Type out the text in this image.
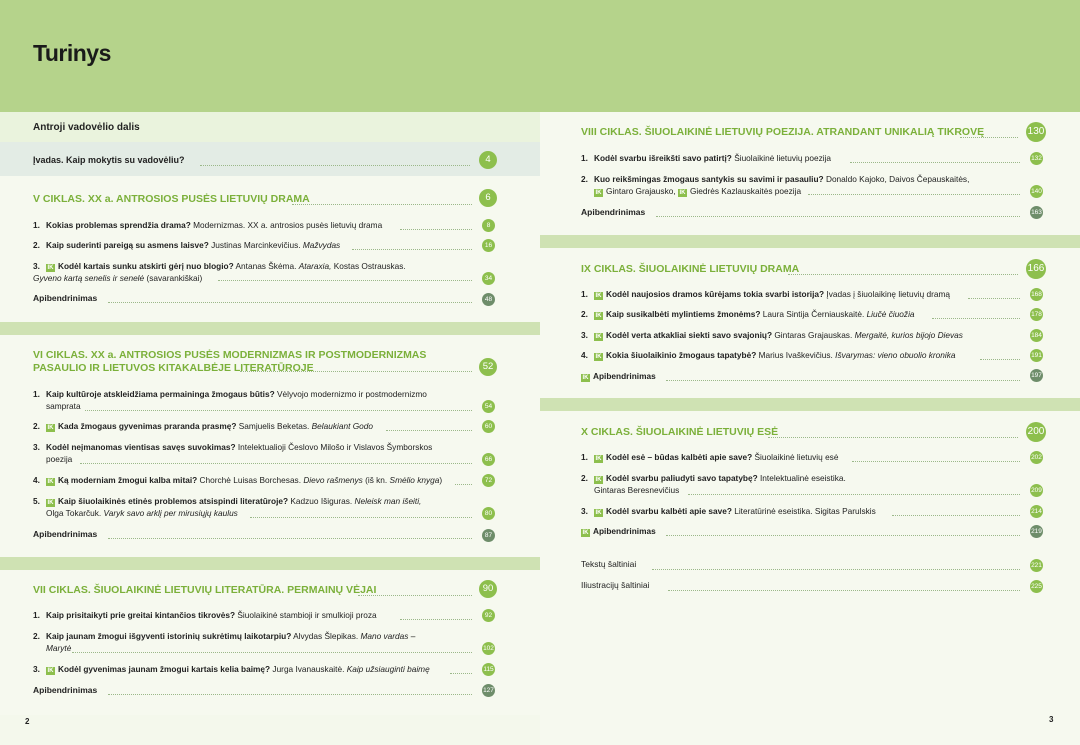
Turinys
Antroji vadovėlio dalis
Įvadas. Kaip mokytis su vadovėliu?	4
V CIKLAS. XX a. ANTROSIOS PUSĖS LIETUVIŲ DRAMA	6
1. Kokias problemas sprendžia drama? Modernizmas. XX a. antrosios pusės lietuvių drama	8
2. Kaip suderinti pareigą su asmens laisve? Justinas Marcinkevičius. Mažvydas	16
3. IK Kodėl kartais sunku atskirti gėrį nuo blogio? Antanas Škėma. Ataraxia, Kostas Ostrauskas.
Gyveno kartą senelis ir senelė (savarankiškai)	34
Apibendrinimas	48
VI CIKLAS. XX a. ANTROSIOS PUSĖS MODERNIZMAS IR POSTMODERNIZMAS PASAULIO IR LIETUVOS KITAKALBĖJE LITERATŪROJE	52
1. Kaip kultūroje atskleidžiama permaininga žmogaus būtis? Vėlyvojo modernizmo ir postmodernizmo
samprata	54
2. IK Kada žmogaus gyvenimas praranda prasmę? Samjuelis Beketas. Belaukiant Godo	60
3. Kodėl neįmanomas vientisas savęs suvokimas? Intelektualioji Česlovo Milošo ir Vislavos Šymborskos
poezija	66
4. IK Ką moderniam žmogui kalba mitai? Chorchė Luisas Borchesas. Dievo rašmenys (iš kn. Smėlio knyga)	72
5. IK Kaip šiuolaikinės etinės problemos atsispindi literatūroje? Kadzuo Išiguras. Neleisk man išeiti,
Olga Tokarčuk. Varyk savo arklį per mirusiųjų kaulus	80
Apibendrinimas	87
VII CIKLAS. ŠIUOLAIKINĖ LIETUVIŲ LITERATŪRA. PERMAINŲ VĖJAI	90
1. Kaip prisitaikyti prie greitai kintančios tikrovės? Šiuolaikinė stambioji ir smulkioji proza	92
2. Kaip jaunam žmogui išgyventi istorinių sukrėtimų laikotarpiu? Alvydas Šlepikas. Mano vardas –
Marytė	102
3. IK Kodėl gyvenimas jaunam žmogui kartais kelia baimę? Jurga Ivanauskaitė. Kaip užsiauginti baimę	115
Apibendrinimas	127
2
VIII CIKLAS. ŠIUOLAIKINĖ LIETUVIŲ POEZIJA. ATRANDANT UNIKALIĄ TIKROVĘ	130
1. Kodėl svarbu išreikšti savo patirtį? Šiuolaikinė lietuvių poezija	132
2. Kuo reikšmingas žmogaus santykis su savimi ir pasauliu? Donaldo Kajoko, Daivos Čepauskaitės,
IK Gintaro Grajausko, IK Giedrės Kazlauskaitės poezija	140
Apibendrinimas	163
IX CIKLAS. ŠIUOLAIKINĖ LIETUVIŲ DRAMA	166
1. IK Kodėl naujosios dramos kūrėjams tokia svarbi istorija? Įvadas į šiuolaikinę lietuvių dramą	168
2. IK Kaip susikalbėti mylintiems žmonėms? Laura Sintija Černiauskaitė. Liučė čiuožia	178
3. IK Kodėl verta atkakliai siekti savo svajonių? Gintaras Grajauskas. Mergaitė, kurios bijojo Dievas	184
4. IK Kokia šiuolaikinio žmogaus tapatybė? Marius Ivaškevičius. Išvarymas: vieno obuolio kronika	191
IK Apibendrinimas	197
X CIKLAS. ŠIUOLAIKINĖ LIETUVIŲ ESĖ	200
1. IK Kodėl esė – būdas kalbėti apie save? Šiuolaikinė lietuvių esė	202
2. IK Kodėl svarbu paliudyti savo tapatybę? Intelektualinė eseistika.
Gintaras Beresnevičius	209
3. IK Kodėl svarbu kalbėti apie save? Literatūrinė eseistika. Sigitas Parulskis	214
IK Apibendrinimas	219
Tekstų šaltiniai	221
Iliustracijų šaltiniai	225
3
